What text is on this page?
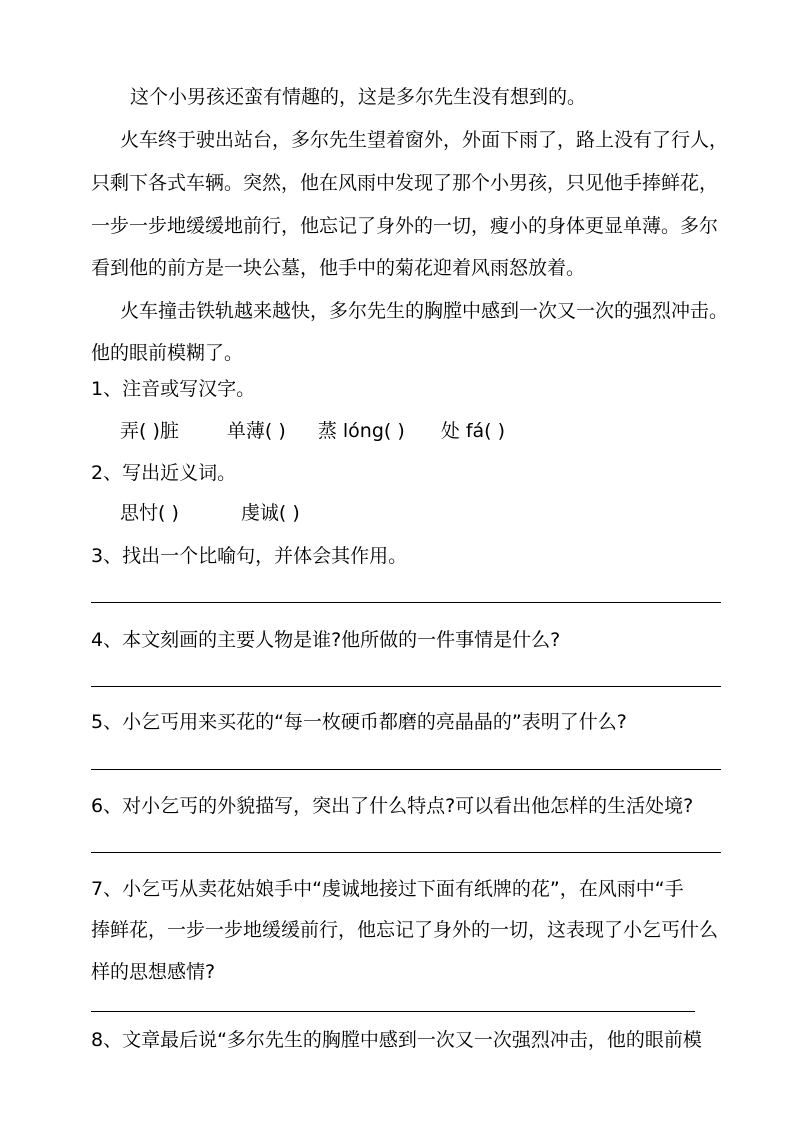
这个小男孩还蛮有情趣的，这是多尔先生没有想到的。
火车终于驶出站台，多尔先生望着窗外，外面下雨了，路上没有了行人，
只剩下各式车辆。突然，他在风雨中发现了那个小男孩，只见他手捧鲜花，
一步一步地缓缓地前行，他忘记了身外的一切，瘦小的身体更显单薄。多尔
看到他的前方是一块公墓，他手中的菊花迎着风雨怒放着。
火车撞击铁轨越来越快，多尔先生的胸膛中感到一次又一次的强烈冲击。
他的眼前模糊了。
1、注音或写汉字。
弄( )脏	单薄( ) 蒸 lóng( ) 处 fá( )
2、写出近义词。
思忖( )	虔诚( )
3、找出一个比喻句，并体会其作用。
4、本文刻画的主要人物是谁?他所做的一件事情是什么?
5、小乞丐用来买花的“每一枚硬币都磨的亮晶晶的”表明了什么?
6、对小乞丐的外貌描写，突出了什么特点?可以看出他怎样的生活处境?
7、小乞丐从卖花姑娘手中“虔诚地接过下面有纸牌的花”，在风雨中“手
捧鲜花，一步一步地缓缓前行，他忘记了身外的一切，这表现了小乞丐什么
样的思想感情?
8、文章最后说“多尔先生的胸膛中感到一次又一次强烈冲击，他的眼前模
